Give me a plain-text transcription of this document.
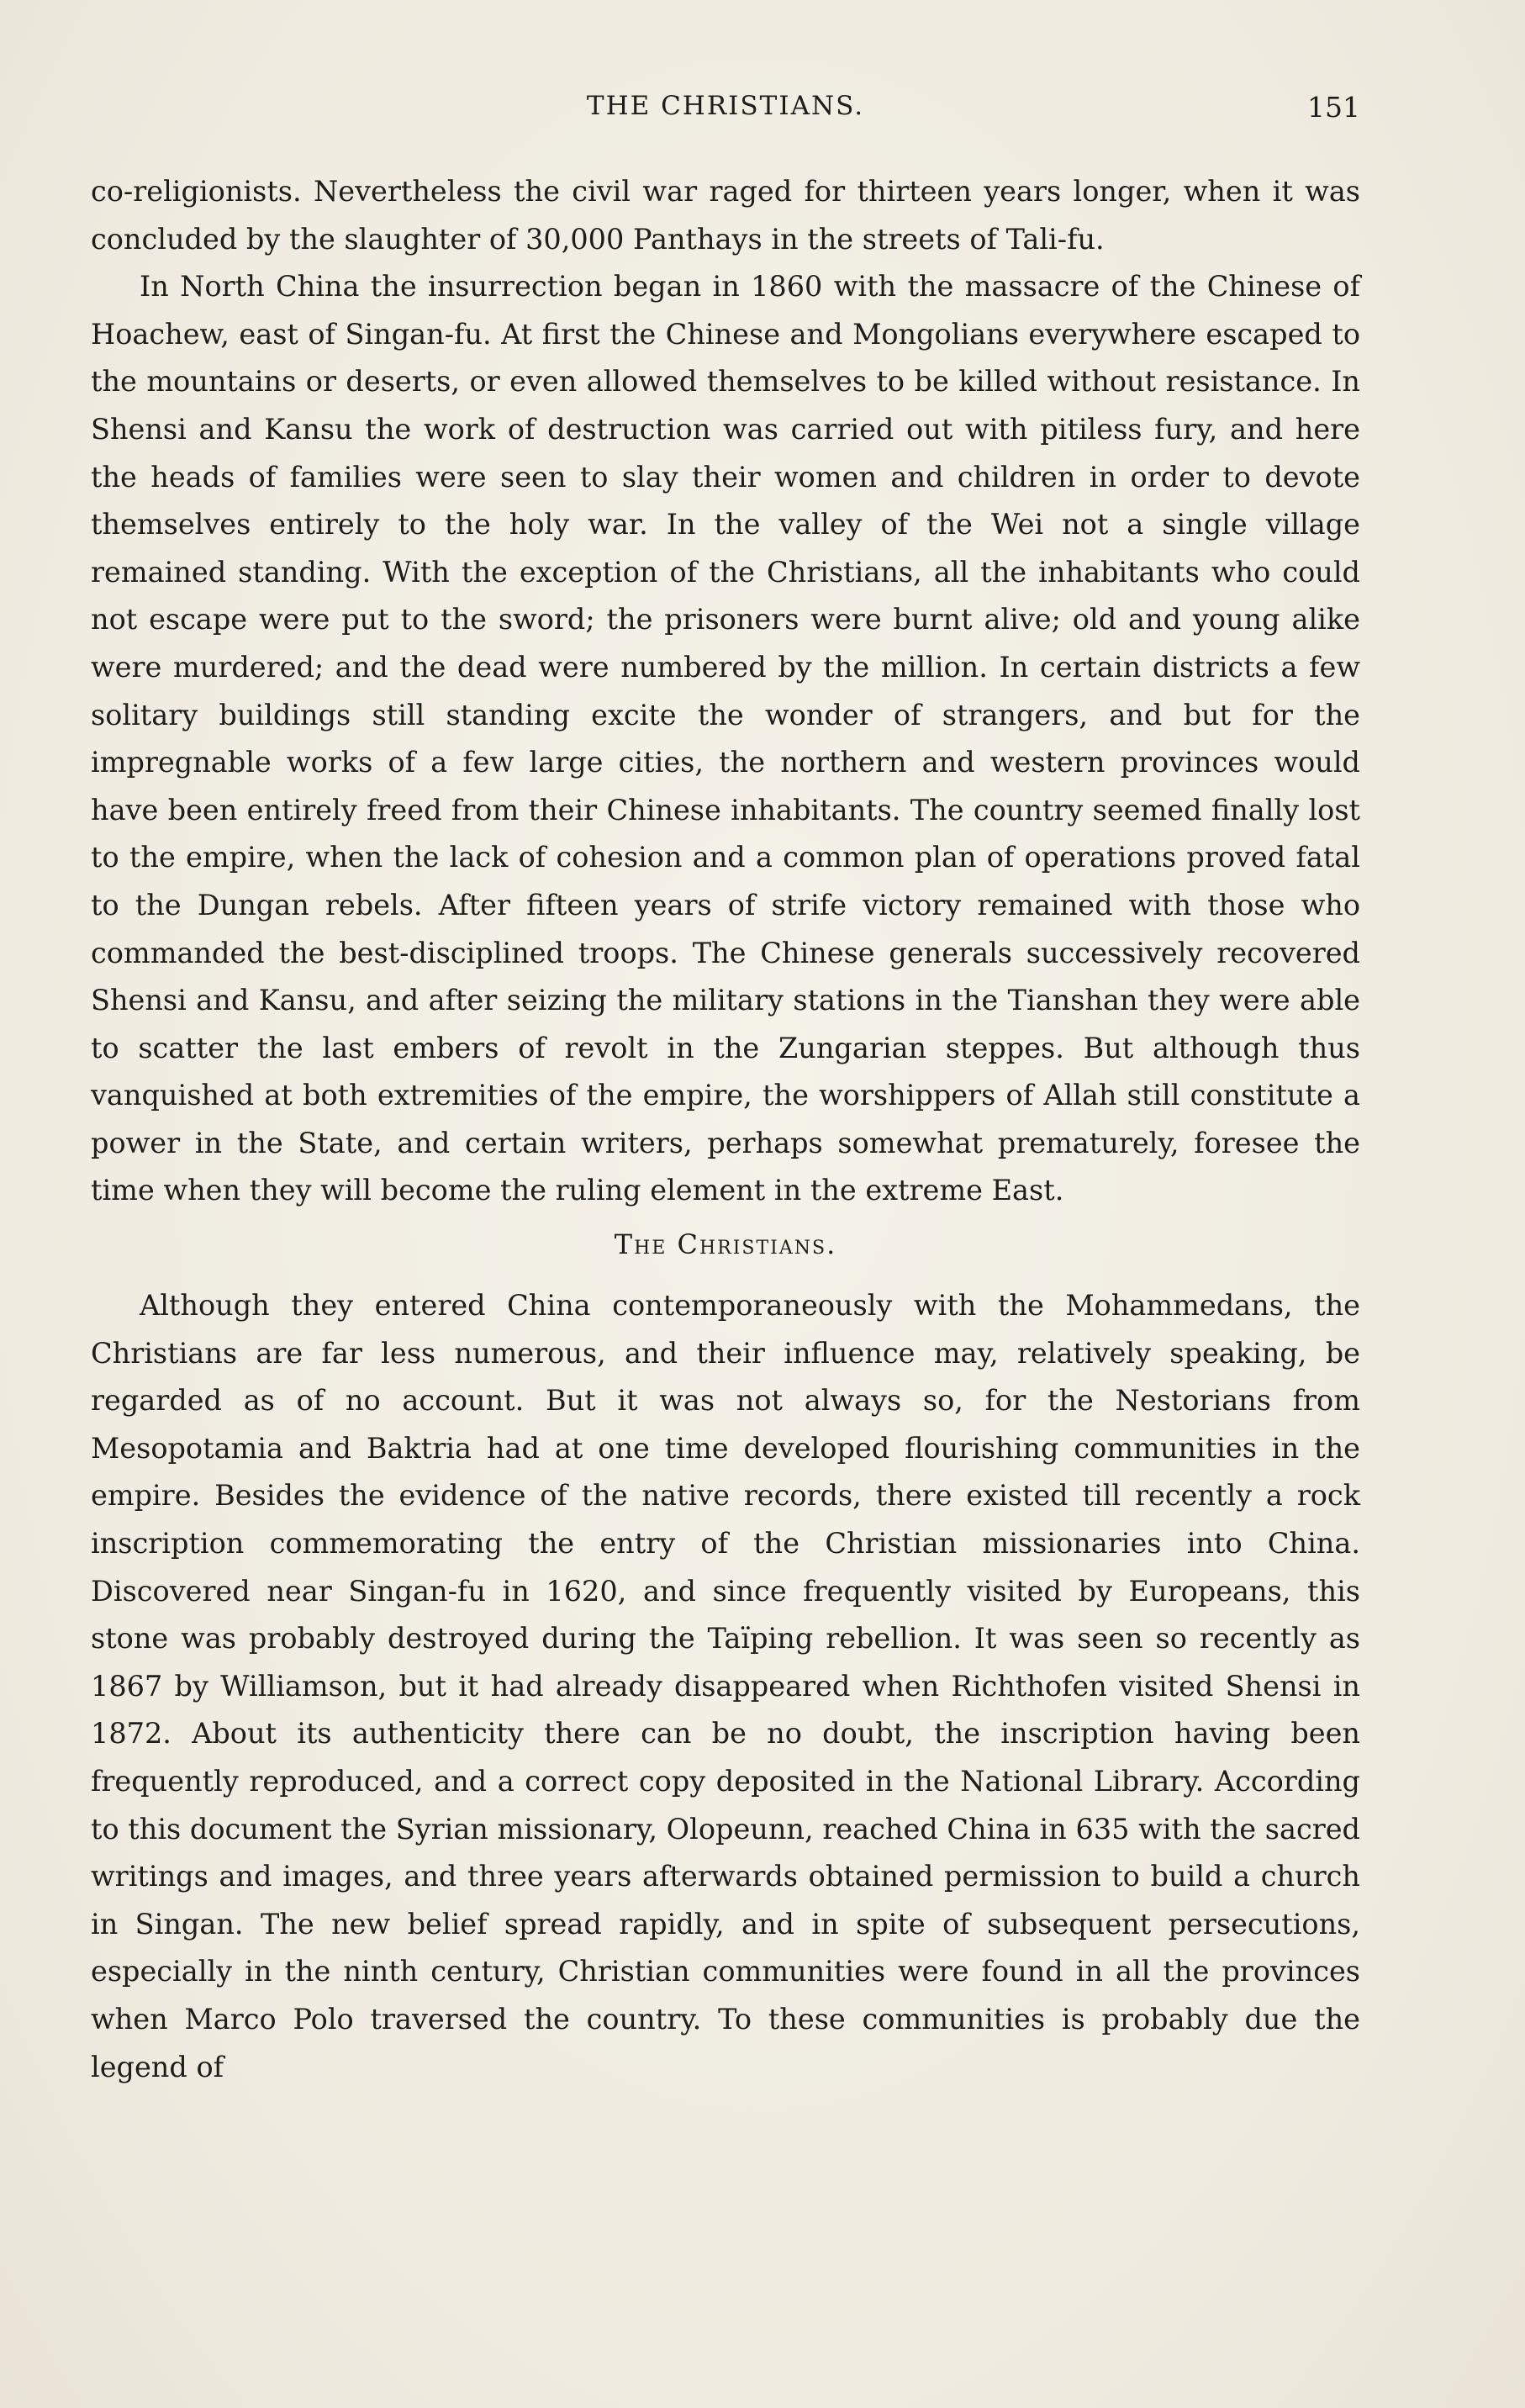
THE CHRISTIANS.	151

co-religionists. Nevertheless the civil war raged for thirteen years longer, when it was concluded by the slaughter of 30,000 Panthays in the streets of Tali-fu.

In North China the insurrection began in 1860 with the massacre of the Chinese of Hoachew, east of Singan-fu. At first the Chinese and Mongolians everywhere escaped to the mountains or deserts, or even allowed themselves to be killed without resistance. In Shensi and Kansu the work of destruction was carried out with pitiless fury, and here the heads of families were seen to slay their women and children in order to devote themselves entirely to the holy war. In the valley of the Wei not a single village remained standing. With the exception of the Christians, all the inhabitants who could not escape were put to the sword; the prisoners were burnt alive; old and young alike were murdered; and the dead were numbered by the million. In certain districts a few solitary buildings still standing excite the wonder of strangers, and but for the impregnable works of a few large cities, the northern and western provinces would have been entirely freed from their Chinese inhabitants. The country seemed finally lost to the empire, when the lack of cohesion and a common plan of operations proved fatal to the Dungan rebels. After fifteen years of strife victory remained with those who commanded the best-disciplined troops. The Chinese generals successively recovered Shensi and Kansu, and after seizing the military stations in the Tianshan they were able to scatter the last embers of revolt in the Zungarian steppes. But although thus vanquished at both extremities of the empire, the worshippers of Allah still constitute a power in the State, and certain writers, perhaps somewhat prematurely, foresee the time when they will become the ruling element in the extreme East.

The Christians.

Although they entered China contemporaneously with the Mohammedans, the Christians are far less numerous, and their influence may, relatively speaking, be regarded as of no account. But it was not always so, for the Nestorians from Mesopotamia and Baktria had at one time developed flourishing communities in the empire. Besides the evidence of the native records, there existed till recently a rock inscription commemorating the entry of the Christian missionaries into China. Discovered near Singan-fu in 1620, and since frequently visited by Europeans, this stone was probably destroyed during the Taïping rebellion. It was seen so recently as 1867 by Williamson, but it had already disappeared when Richthofen visited Shensi in 1872. About its authenticity there can be no doubt, the inscription having been frequently reproduced, and a correct copy deposited in the National Library. According to this document the Syrian missionary, Olopeunn, reached China in 635 with the sacred writings and images, and three years afterwards obtained permission to build a church in Singan. The new belief spread rapidly, and in spite of subsequent persecutions, especially in the ninth century, Christian communities were found in all the provinces when Marco Polo traversed the country. To these communities is probably due the legend of
